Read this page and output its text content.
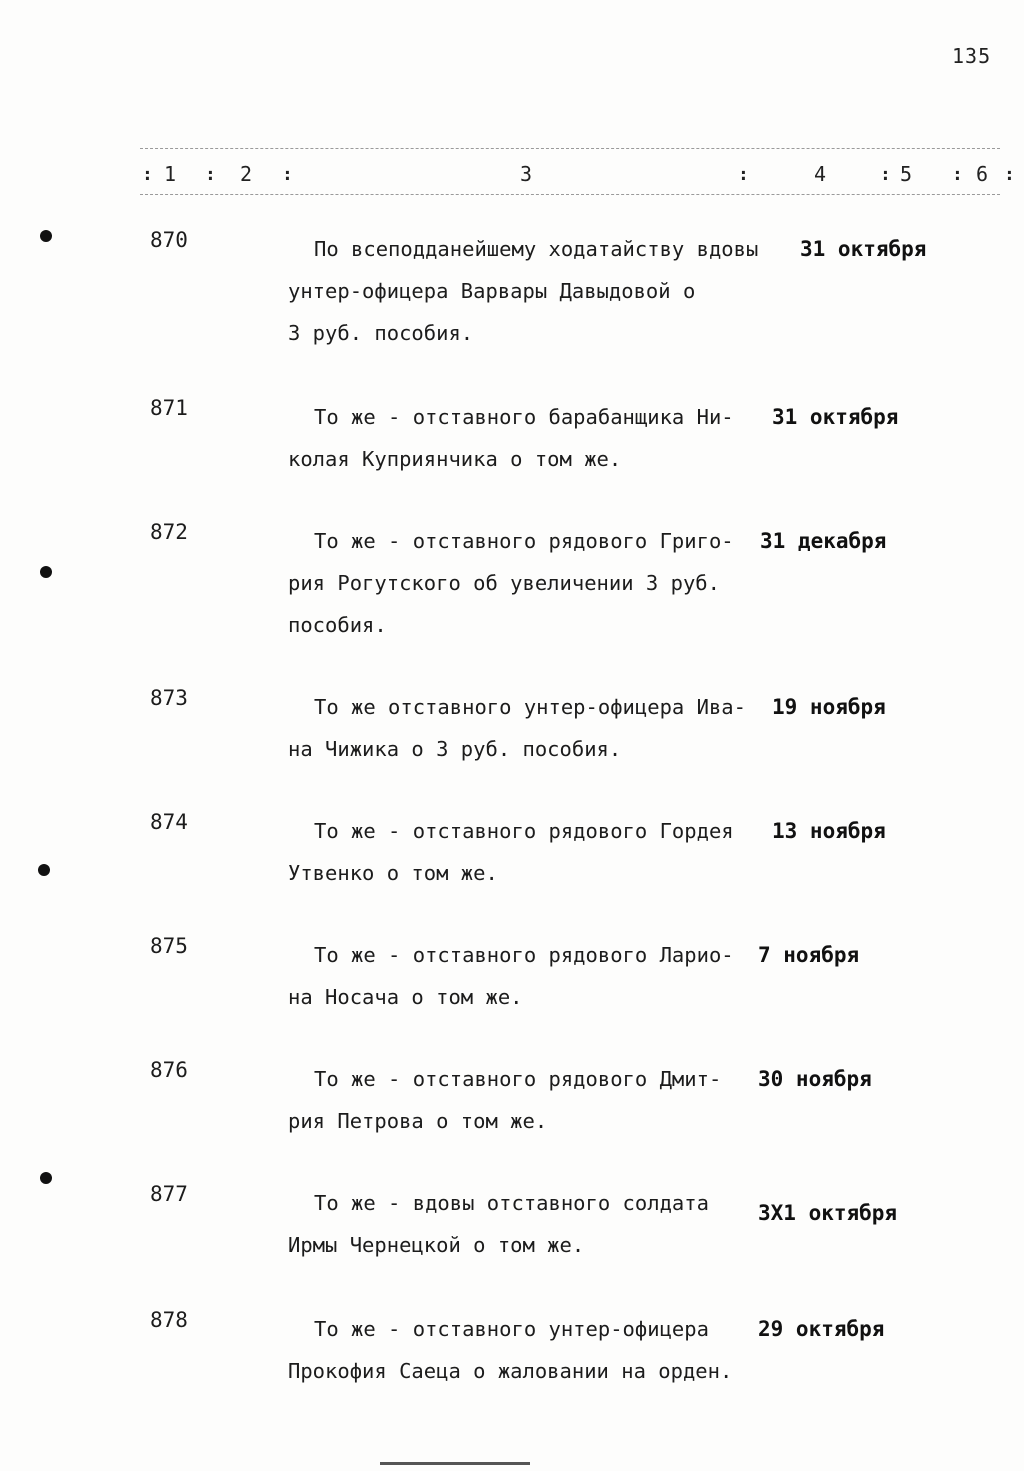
135
: 1 : 2 :	3	:	4	: 5 : 6 :
870	По всеподданейшему ходатайству вдовы
унтер-офицера Варвары Давыдовой о
3 руб. пособия.
31 октября
871	То же - отставного барабанщика Ни-
колая Куприянчика о том же.
31 октября
872	То же - отставного рядового Григо-
рия Рогутского об увеличении 3 руб.
пособия.
31 декабря
873	То же отставного унтер-офицера Ива-
на Чижика о 3 руб. пособия.
19 ноября
874	То же - отставного рядового Гордея
Утвенко о том же.
13 ноября
875	То же - отставного рядового Ларио-
на Носача о том же.
7 ноября
876	То же - отставного рядового Дмит-
рия Петрова о том же.
30 ноября
877	То же - вдовы отставного солдата
Ирмы Чернецкой о том же.
3Х1 октября
878	То же - отставного унтер-офицера
Прокофия Саеца о жаловании на орден.
29 октября
